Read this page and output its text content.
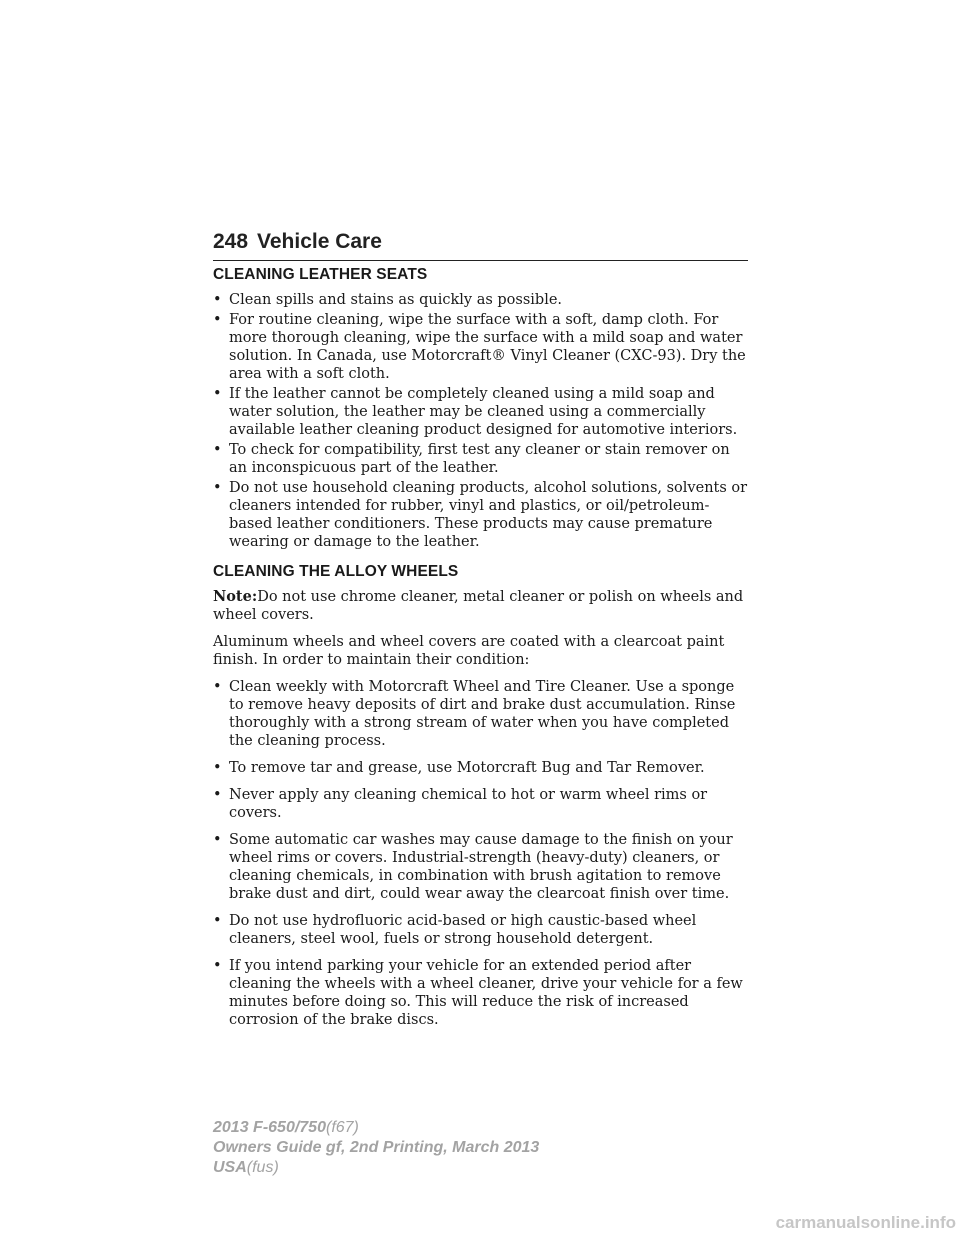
248 Vehicle Care
CLEANING LEATHER SEATS
• Clean spills and stains as quickly as possible.
• For routine cleaning, wipe the surface with a soft, damp cloth. For more thorough cleaning, wipe the surface with a mild soap and water solution. In Canada, use Motorcraft® Vinyl Cleaner (CXC-93). Dry the area with a soft cloth.
• If the leather cannot be completely cleaned using a mild soap and water solution, the leather may be cleaned using a commercially available leather cleaning product designed for automotive interiors.
• To check for compatibility, first test any cleaner or stain remover on an inconspicuous part of the leather.
• Do not use household cleaning products, alcohol solutions, solvents or cleaners intended for rubber, vinyl and plastics, or oil/petroleum-based leather conditioners. These products may cause premature wearing or damage to the leather.
CLEANING THE ALLOY WHEELS

Note:Do not use chrome cleaner, metal cleaner or polish on wheels and wheel covers.

Aluminum wheels and wheel covers are coated with a clearcoat paint finish. In order to maintain their condition:

• Clean weekly with Motorcraft Wheel and Tire Cleaner. Use a sponge to remove heavy deposits of dirt and brake dust accumulation. Rinse thoroughly with a strong stream of water when you have completed the cleaning process.
• To remove tar and grease, use Motorcraft Bug and Tar Remover.
• Never apply any cleaning chemical to hot or warm wheel rims or covers.
• Some automatic car washes may cause damage to the finish on your wheel rims or covers. Industrial-strength (heavy-duty) cleaners, or cleaning chemicals, in combination with brush agitation to remove brake dust and dirt, could wear away the clearcoat finish over time.
• Do not use hydrofluoric acid-based or high caustic-based wheel cleaners, steel wool, fuels or strong household detergent.
• If you intend parking your vehicle for an extended period after cleaning the wheels with a wheel cleaner, drive your vehicle for a few minutes before doing so. This will reduce the risk of increased corrosion of the brake discs.
2013 F-650/750(f67)
Owners Guide gf, 2nd Printing, March 2013
USA(fus)
carmanualsonline.info
